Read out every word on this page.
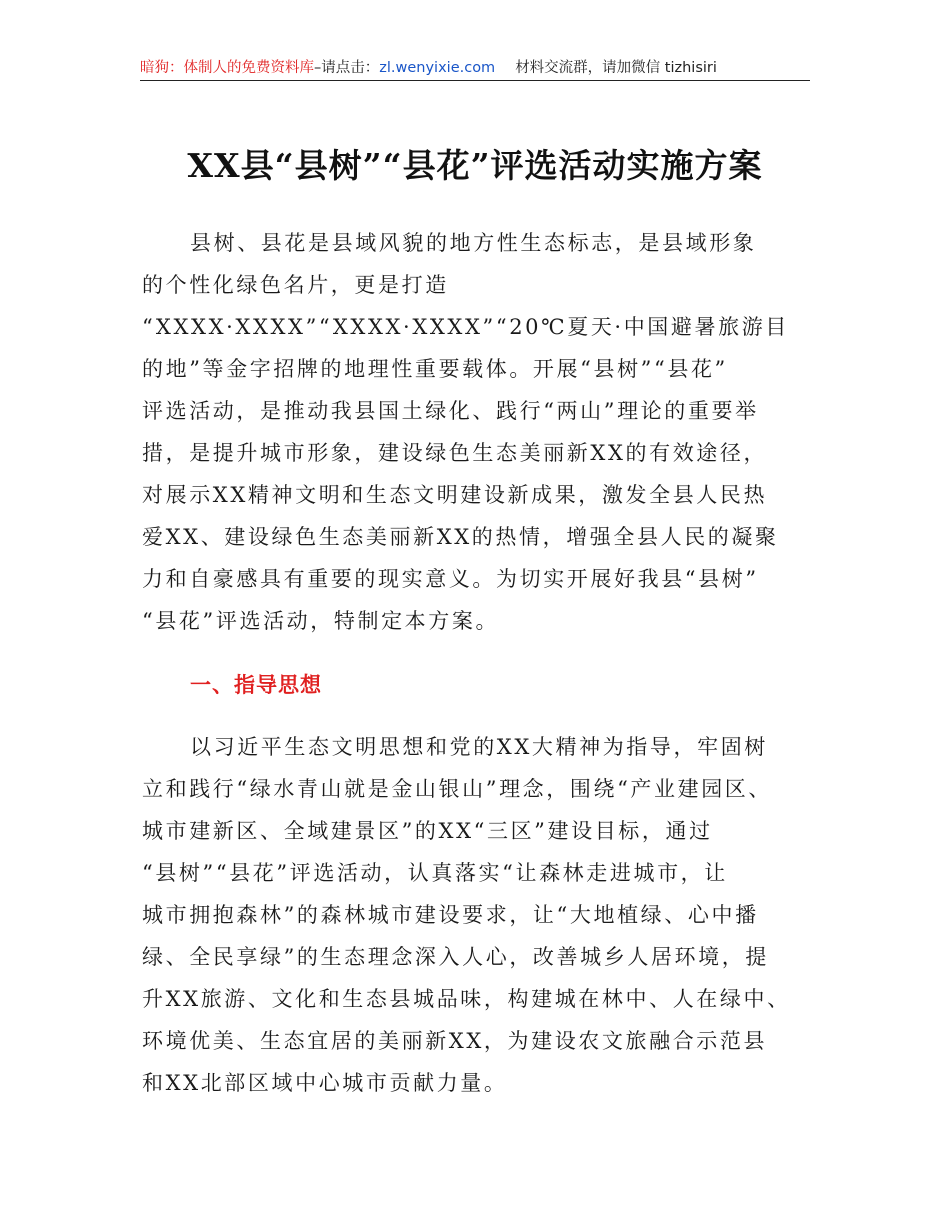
暗狗：体制人的免费资料库–请点击：zl.wenyixie.com 材料交流群，请加微信 tizhisiri
XX县“县树”“县花”评选活动实施方案

县树、县花是县域风貌的地方性生态标志，是县域形象
的个性化绿色名片，更是打造
“XXXX·XXXX”“XXXX·XXXX”“20℃夏天·中国避暑旅游目
的地”等金字招牌的地理性重要载体。开展“县树”“县花”
评选活动，是推动我县国土绿化、践行“两山”理论的重要举
措，是提升城市形象，建设绿色生态美丽新XX的有效途径，
对展示XX精神文明和生态文明建设新成果，激发全县人民热
爱XX、建设绿色生态美丽新XX的热情，增强全县人民的凝聚
力和自豪感具有重要的现实意义。为切实开展好我县“县树”
“县花”评选活动，特制定本方案。

一、指导思想

以习近平生态文明思想和党的XX大精神为指导，牢固树
立和践行“绿水青山就是金山银山”理念，围绕“产业建园区、
城市建新区、全域建景区”的XX“三区”建设目标，通过
“县树”“县花”评选活动，认真落实“让森林走进城市，让
城市拥抱森林”的森林城市建设要求，让“大地植绿、心中播
绿、全民享绿”的生态理念深入人心，改善城乡人居环境，提
升XX旅游、文化和生态县城品味，构建城在林中、人在绿中、
环境优美、生态宜居的美丽新XX，为建设农文旅融合示范县
和XX北部区域中心城市贡献力量。
